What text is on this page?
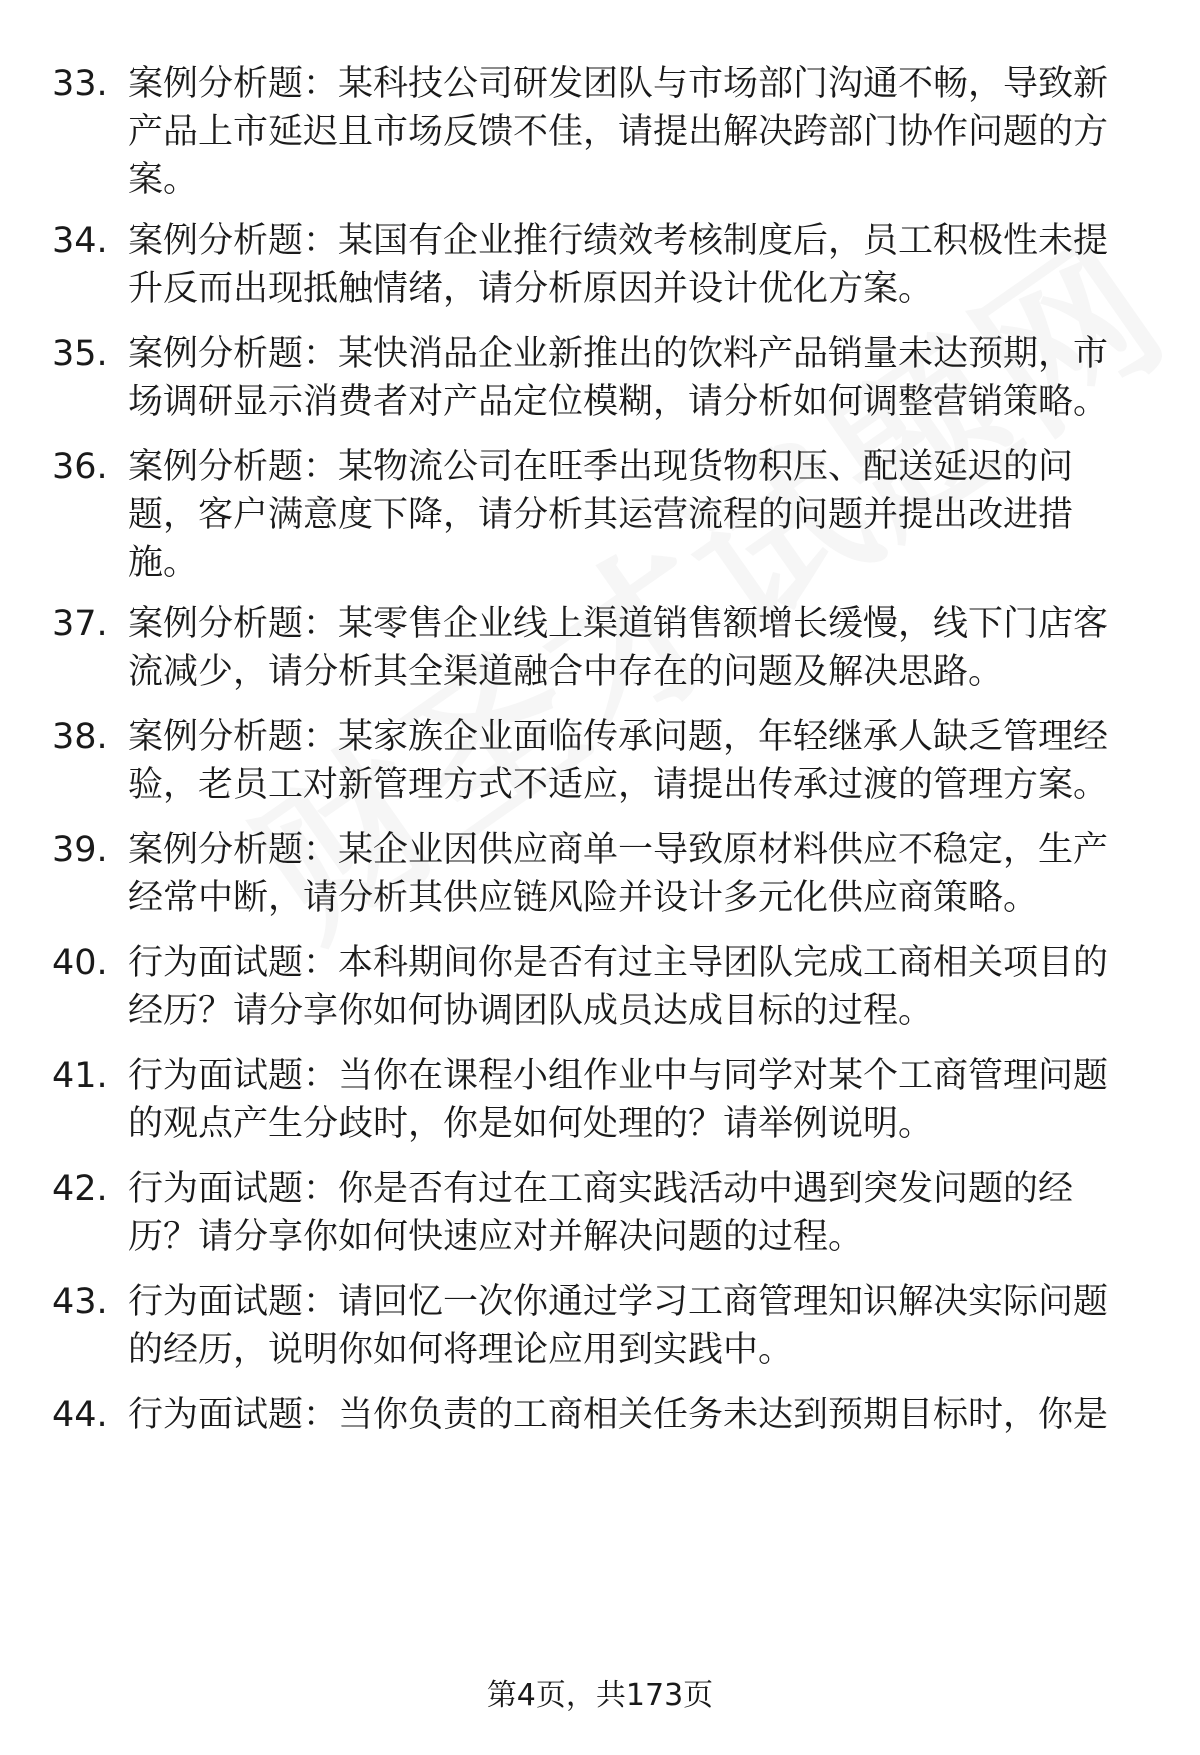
33. 案例分析题：某科技公司研发团队与市场部门沟通不畅，导致新产品上市延迟且市场反馈不佳，请提出解决跨部门协作问题的方案。
34. 案例分析题：某国有企业推行绩效考核制度后，员工积极性未提升反而出现抵触情绪，请分析原因并设计优化方案。
35. 案例分析题：某快消品企业新推出的饮料产品销量未达预期，市场调研显示消费者对产品定位模糊，请分析如何调整营销策略。
36. 案例分析题：某物流公司在旺季出现货物积压、配送延迟的问题，客户满意度下降，请分析其运营流程的问题并提出改进措施。
37. 案例分析题：某零售企业线上渠道销售额增长缓慢，线下门店客流减少，请分析其全渠道融合中存在的问题及解决思路。
38. 案例分析题：某家族企业面临传承问题，年轻继承人缺乏管理经验，老员工对新管理方式不适应，请提出传承过渡的管理方案。
39. 案例分析题：某企业因供应商单一导致原材料供应不稳定，生产经常中断，请分析其供应链风险并设计多元化供应商策略。
40. 行为面试题：本科期间你是否有过主导团队完成工商相关项目的经历？请分享你如何协调团队成员达成目标的过程。
41. 行为面试题：当你在课程小组作业中与同学对某个工商管理问题的观点产生分歧时，你是如何处理的？请举例说明。
42. 行为面试题：你是否有过在工商实践活动中遇到突发问题的经历？请分享你如何快速应对并解决问题的过程。
43. 行为面试题：请回忆一次你通过学习工商管理知识解决实际问题的经历，说明你如何将理论应用到实践中。
44. 行为面试题：当你负责的工商相关任务未达到预期目标时，你是
第4页，共173页
